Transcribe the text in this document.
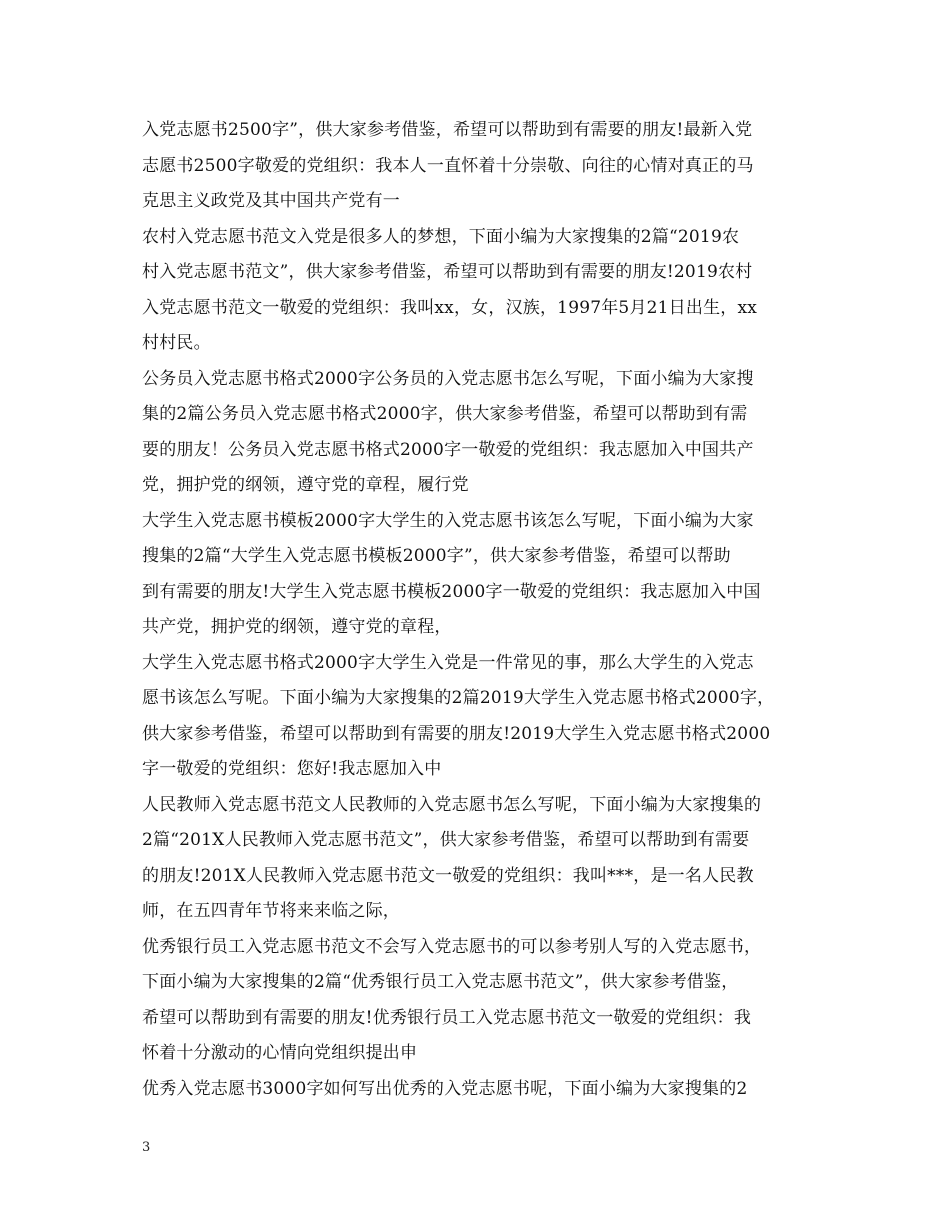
入党志愿书2500字”，供大家参考借鉴，希望可以帮助到有需要的朋友!最新入党
志愿书2500字敬爱的党组织：我本人一直怀着十分崇敬、向往的心情对真正的马
克思主义政党及其中国共产党有一
农村入党志愿书范文入党是很多人的梦想，下面小编为大家搜集的2篇“2019农
村入党志愿书范文”，供大家参考借鉴，希望可以帮助到有需要的朋友!2019农村
入党志愿书范文一敬爱的党组织：我叫xx，女，汉族，1997年5月21日出生，xx
村村民。
公务员入党志愿书格式2000字公务员的入党志愿书怎么写呢，下面小编为大家搜
集的2篇公务员入党志愿书格式2000字，供大家参考借鉴，希望可以帮助到有需
要的朋友！公务员入党志愿书格式2000字一敬爱的党组织：我志愿加入中国共产
党，拥护党的纲领，遵守党的章程，履行党
大学生入党志愿书模板2000字大学生的入党志愿书该怎么写呢，下面小编为大家
搜集的2篇“大学生入党志愿书模板2000字”，供大家参考借鉴，希望可以帮助
到有需要的朋友!大学生入党志愿书模板2000字一敬爱的党组织：我志愿加入中国
共产党，拥护党的纲领，遵守党的章程，
大学生入党志愿书格式2000字大学生入党是一件常见的事，那么大学生的入党志
愿书该怎么写呢。下面小编为大家搜集的2篇2019大学生入党志愿书格式2000字，
供大家参考借鉴，希望可以帮助到有需要的朋友!2019大学生入党志愿书格式2000
字一敬爱的党组织：您好!我志愿加入中
人民教师入党志愿书范文人民教师的入党志愿书怎么写呢，下面小编为大家搜集的
2篇“201X人民教师入党志愿书范文”，供大家参考借鉴，希望可以帮助到有需要
的朋友!201X人民教师入党志愿书范文一敬爱的党组织：我叫***，是一名人民教
师，在五四青年节将来来临之际，
优秀银行员工入党志愿书范文不会写入党志愿书的可以参考别人写的入党志愿书，
下面小编为大家搜集的2篇“优秀银行员工入党志愿书范文”，供大家参考借鉴，
希望可以帮助到有需要的朋友!优秀银行员工入党志愿书范文一敬爱的党组织：我
怀着十分激动的心情向党组织提出申
优秀入党志愿书3000字如何写出优秀的入党志愿书呢，下面小编为大家搜集的2
3
